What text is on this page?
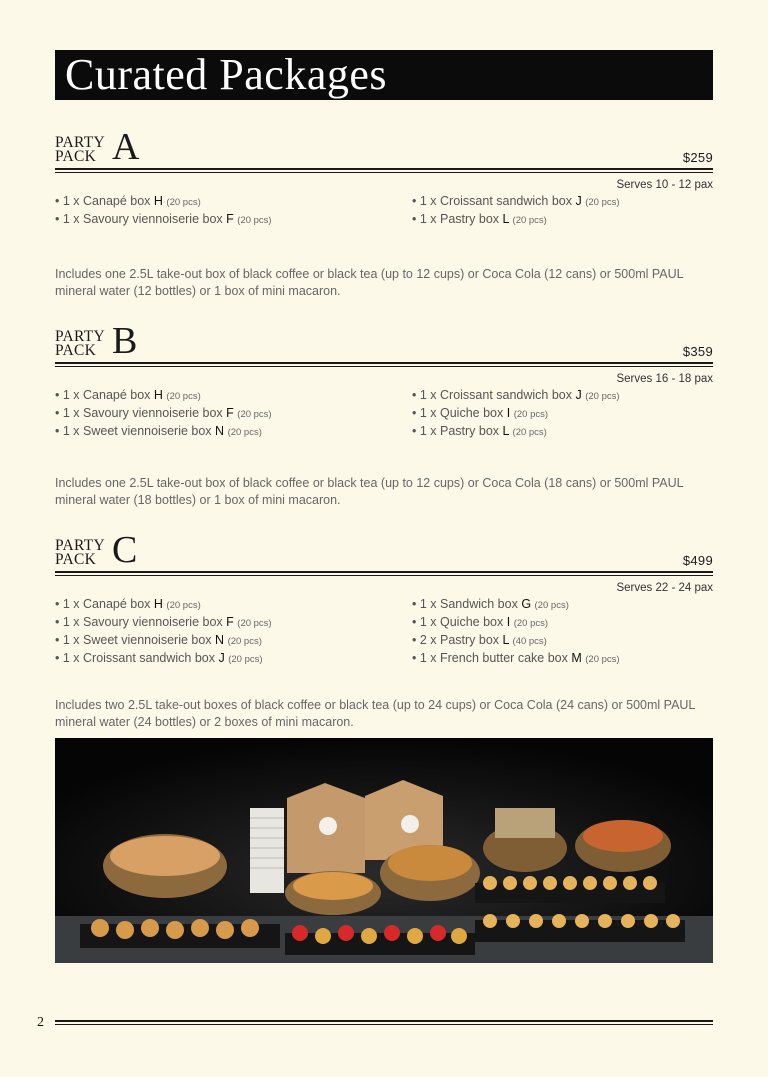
Curated Packages
PARTY
PACK A	$259
Serves 10 - 12 pax
• 1 x Canapé box H (20 pcs)
• 1 x Savoury viennoiserie box F (20 pcs)
• 1 x Croissant sandwich box J (20 pcs)
• 1 x Pastry box L (20 pcs)

Includes one 2.5L take-out box of black coffee or black tea (up to 12 cups) or Coca Cola (12 cans) or 500ml PAUL mineral water (12 bottles) or 1 box of mini macaron.

PARTY
PACK B	$359
Serves 16 - 18 pax
• 1 x Canapé box H (20 pcs)
• 1 x Savoury viennoiserie box F (20 pcs)
• 1 x Sweet viennoiserie box N (20 pcs)
• 1 x Croissant sandwich box J (20 pcs)
• 1 x Quiche box I (20 pcs)
• 1 x Pastry box L (20 pcs)

Includes one 2.5L take-out box of black coffee or black tea (up to 12 cups) or Coca Cola (18 cans) or 500ml PAUL mineral water (18 bottles) or 1 box of mini macaron.

PARTY
PACK C	$499
Serves 22 - 24 pax
• 1 x Canapé box H (20 pcs)
• 1 x Savoury viennoiserie box F (20 pcs)
• 1 x Sweet viennoiserie box N (20 pcs)
• 1 x Croissant sandwich box J (20 pcs)
• 1 x Sandwich box G (20 pcs)
• 1 x Quiche box I (20 pcs)
• 2 x Pastry box L (40 pcs)
• 1 x French butter cake box M (20 pcs)

Includes two 2.5L take-out boxes of black coffee or black tea (up to 24 cups) or Coca Cola (24 cans) or 500ml PAUL mineral water (24 bottles) or 2 boxes of mini macaron.

2
